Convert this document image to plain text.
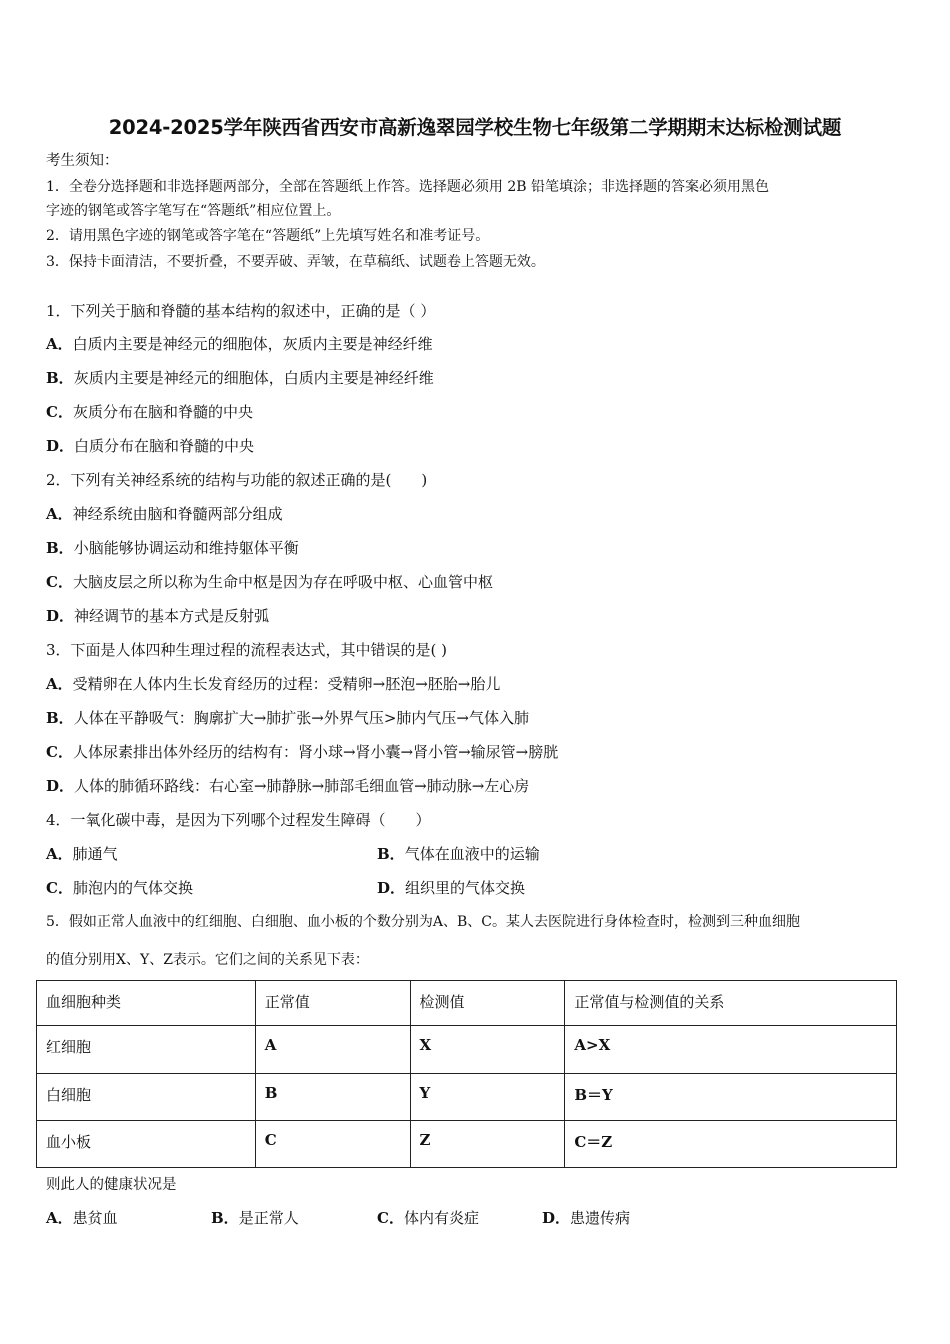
2024-2025学年陕西省西安市高新逸翠园学校生物七年级第二学期期末达标检测试题
考生须知：
1．全卷分选择题和非选择题两部分，全部在答题纸上作答。选择题必须用 2B 铅笔填涂；非选择题的答案必须用黑色
字迹的钢笔或答字笔写在“答题纸”相应位置上。
2．请用黑色字迹的钢笔或答字笔在“答题纸”上先填写姓名和准考证号。
3．保持卡面清洁，不要折叠，不要弄破、弄皱，在草稿纸、试题卷上答题无效。
1．下列关于脑和脊髓的基本结构的叙述中，正确的是（ ）
A．白质内主要是神经元的细胞体，灰质内主要是神经纤维
B．灰质内主要是神经元的细胞体，白质内主要是神经纤维
C．灰质分布在脑和脊髓的中央
D．白质分布在脑和脊髓的中央
2．下列有关神经系统的结构与功能的叙述正确的是(　　)
A．神经系统由脑和脊髓两部分组成
B．小脑能够协调运动和维持躯体平衡
C．大脑皮层之所以称为生命中枢是因为存在呼吸中枢、心血管中枢
D．神经调节的基本方式是反射弧
3．下面是人体四种生理过程的流程表达式，其中错误的是( )
A．受精卵在人体内生长发育经历的过程：受精卵→胚泡→胚胎→胎儿
B．人体在平静吸气：胸廓扩大→肺扩张→外界气压>肺内气压→气体入肺
C．人体尿素排出体外经历的结构有：肾小球→肾小囊→肾小管→输尿管→膀胱
D．人体的肺循环路线：右心室→肺静脉→肺部毛细血管→肺动脉→左心房
4．一氧化碳中毒，是因为下列哪个过程发生障碍（　　）
A．肺通气	B．气体在血液中的运输
C．肺泡内的气体交换	D．组织里的气体交换
5．假如正常人血液中的红细胞、白细胞、血小板的个数分别为A、B、C。某人去医院进行身体检查时，检测到三种血细胞
的值分别用X、Y、Z表示。它们之间的关系见下表：
血细胞种类	正常值	检测值	正常值与检测值的关系
红细胞	A	X	A>X
白细胞	B	Y	B＝Y
血小板	C	Z	C＝Z
则此人的健康状况是
A．患贫血	B．是正常人	C．体内有炎症	D．患遗传病
